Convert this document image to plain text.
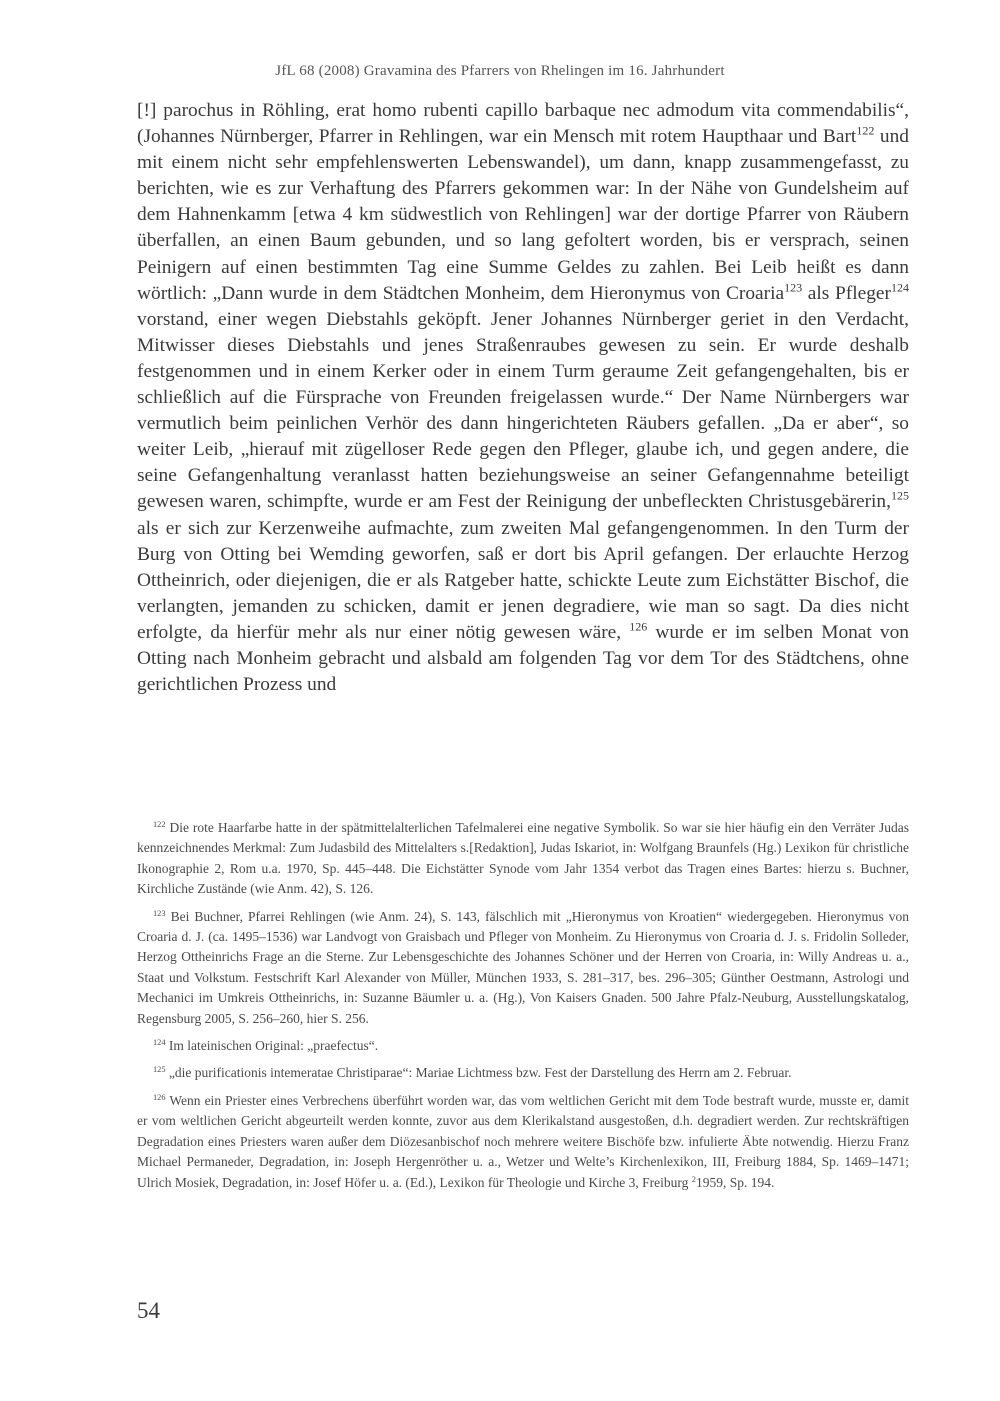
JfL 68 (2008) Gravamina des Pfarrers von Rhelingen im 16. Jahrhundert

[!] parochus in Röhling, erat homo rubenti capillo barbaque nec admodum vita commendabilis“, (Johannes Nürnberger, Pfarrer in Rehlingen, war ein Mensch mit rotem Haupthaar und Bart$^{122}$ und mit einem nicht sehr empfehlenswerten Lebenswandel), um dann, knapp zusammengefasst, zu berichten, wie es zur Verhaftung des Pfarrers gekommen war: In der Nähe von Gundelsheim auf dem Hahnenkamm [etwa 4 km südwestlich von Rehlingen] war der dortige Pfarrer von Räubern überfallen, an einen Baum gebunden, und so lang gefoltert worden, bis er versprach, seinen Peinigern auf einen bestimmten Tag eine Summe Geldes zu zahlen. Bei Leib heißt es dann wörtlich: „Dann wurde in dem Städtchen Monheim, dem Hieronymus von Croaria$^{123}$ als Pfleger$^{124}$ vorstand, einer wegen Diebstahls geköpft. Jener Johannes Nürnberger geriet in den Verdacht, Mitwisser dieses Diebstahls und jenes Straßenraubes gewesen zu sein. Er wurde deshalb festgenommen und in einem Kerker oder in einem Turm geraume Zeit gefangengehalten, bis er schließlich auf die Fürsprache von Freunden freigelassen wurde.“ Der Name Nürnbergers war vermutlich beim peinlichen Verhör des dann hingerichteten Räubers gefallen. „Da er aber“, so weiter Leib, „hierauf mit zügelloser Rede gegen den Pfleger, glaube ich, und gegen andere, die seine Gefangenhaltung veranlasst hatten beziehungsweise an seiner Gefangennahme beteiligt gewesen waren, schimpfte, wurde er am Fest der Reinigung der unbefleckten Christusgebärerin,$^{125}$ als er sich zur Kerzenweihe aufmachte, zum zweiten Mal gefangengenommen. In den Turm der Burg von Otting bei Wemding geworfen, saß er dort bis April gefangen. Der erlauchte Herzog Ottheinrich, oder diejenigen, die er als Ratgeber hatte, schickte Leute zum Eichstätter Bischof, die verlangten, jemanden zu schicken, damit er jenen degradiere, wie man so sagt. Da dies nicht erfolgte, da hierfür mehr als nur einer nötig gewesen wäre, $^{126}$ wurde er im selben Monat von Otting nach Monheim gebracht und alsbald am folgenden Tag vor dem Tor des Städtchens, ohne gerichtlichen Prozess und

$^{122}$ Die rote Haarfarbe hatte in der spätmittelalterlichen Tafelmalerei eine negative Symbolik. So war sie hier häufig ein den Verräter Judas kennzeichnendes Merkmal: Zum Judasbild des Mittelalters s.[Redaktion], Judas Iskariot, in: Wolfgang Braunfels (Hg.) Lexikon für christliche Ikonographie 2, Rom u.a. 1970, Sp. 445–448. Die Eichstätter Synode vom Jahr 1354 verbot das Tragen eines Bartes: hierzu s. Buchner, Kirchliche Zustände (wie Anm. 42), S. 126.

$^{123}$ Bei Buchner, Pfarrei Rehlingen (wie Anm. 24), S. 143, fälschlich mit „Hieronymus von Kroatien“ wiedergegeben. Hieronymus von Croaria d. J. (ca. 1495–1536) war Landvogt von Graisbach und Pfleger von Monheim. Zu Hieronymus von Croaria d. J. s. Fridolin Solleder, Herzog Ottheinrichs Frage an die Sterne. Zur Lebensgeschichte des Johannes Schöner und der Herren von Croaria, in: Willy Andreas u. a., Staat und Volkstum. Festschrift Karl Alexander von Müller, München 1933, S. 281–317, bes. 296–305; Günther Oestmann, Astrologi und Mechanici im Umkreis Ottheinrichs, in: Suzanne Bäumler u. a. (Hg.), Von Kaisers Gnaden. 500 Jahre Pfalz-Neuburg, Ausstellungskatalog, Regensburg 2005, S. 256–260, hier S. 256.

$^{124}$ Im lateinischen Original: „praefectus“.

$^{125}$ „die purificationis intemeratae Christiparae“: Mariae Lichtmess bzw. Fest der Darstellung des Herrn am 2. Februar.

$^{126}$ Wenn ein Priester eines Verbrechens überführt worden war, das vom weltlichen Gericht mit dem Tode bestraft wurde, musste er, damit er vom weltlichen Gericht abgeurteilt werden konnte, zuvor aus dem Klerikalstand ausgestoßen, d.h. degradiert werden. Zur rechtskräftigen Degradation eines Priesters waren außer dem Diözesanbischof noch mehrere weitere Bischöfe bzw. infulierte Äbte notwendig. Hierzu Franz Michael Permaneder, Degradation, in: Joseph Hergenröther u. a., Wetzer und Welte’s Kirchenlexikon, III, Freiburg 1884, Sp. 1469–1471; Ulrich Mosiek, Degradation, in: Josef Höfer u. a. (Ed.), Lexikon für Theologie und Kirche 3, Freiburg $^2$1959, Sp. 194.

54
